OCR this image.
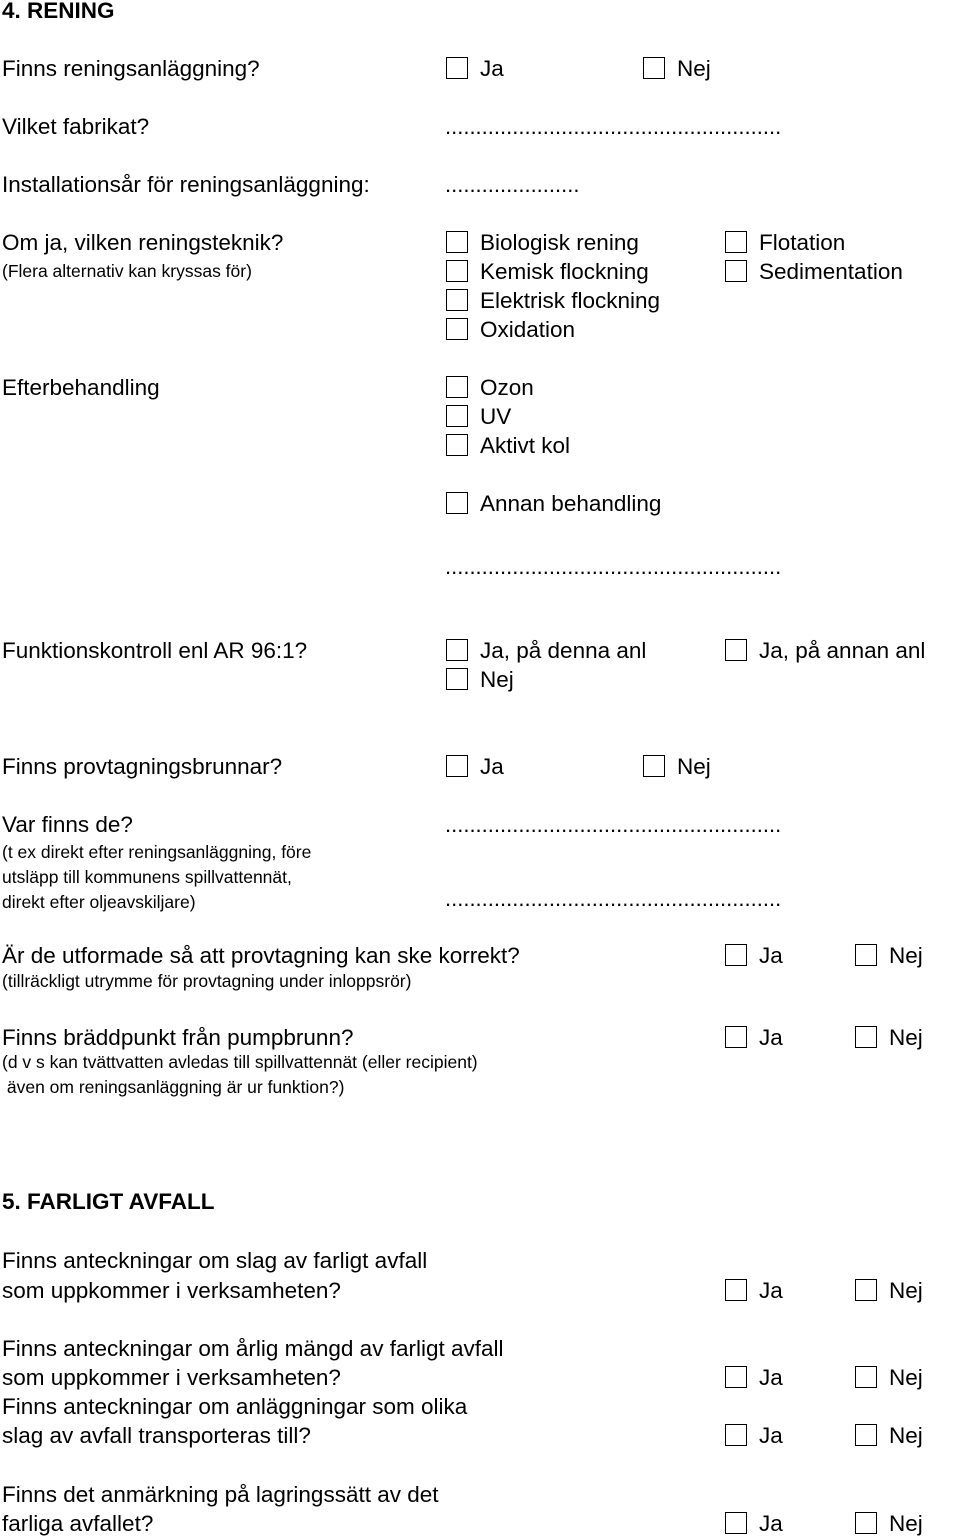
4. RENING
Finns reningsanläggning?	Ja	Nej
Vilket fabrikat?	.......................................................
Installationsår för reningsanläggning:	......................
Om ja, vilken reningsteknik?
(Flera alternativ kan kryssas för)
Biologisk rening	Flotation
Kemisk flockning	Sedimentation
Elektrisk flockning
Oxidation
Efterbehandling	Ozon
UV
Aktivt kol
Annan behandling
.......................................................
Funktionskontroll enl AR 96:1?	Ja, på denna anl	Ja, på annan anl
Nej
Finns provtagningsbrunnar?	Ja	Nej
Var finns de?	.......................................................
(t ex direkt efter reningsanläggning, före
utsläpp till kommunens spillvattennät,
direkt efter oljeavskiljare)	.......................................................
Är de utformade så att provtagning kan ske korrekt?
(tillräckligt utrymme för provtagning under inloppsrör)
Ja	Nej
Finns bräddpunkt från pumpbrunn?
(d v s kan tvättvatten avledas till spillvattennät (eller recipient)
även om reningsanläggning är ur funktion?)
Ja	Nej
5. FARLIGT AVFALL
Finns anteckningar om slag av farligt avfall
som uppkommer i verksamheten?	Ja	Nej
Finns anteckningar om årlig mängd av farligt avfall
som uppkommer i verksamheten?	Ja	Nej
Finns anteckningar om anläggningar som olika
slag av avfall transporteras till?	Ja	Nej
Finns det anmärkning på lagringssätt av det
farliga avfallet?	Ja	Nej
